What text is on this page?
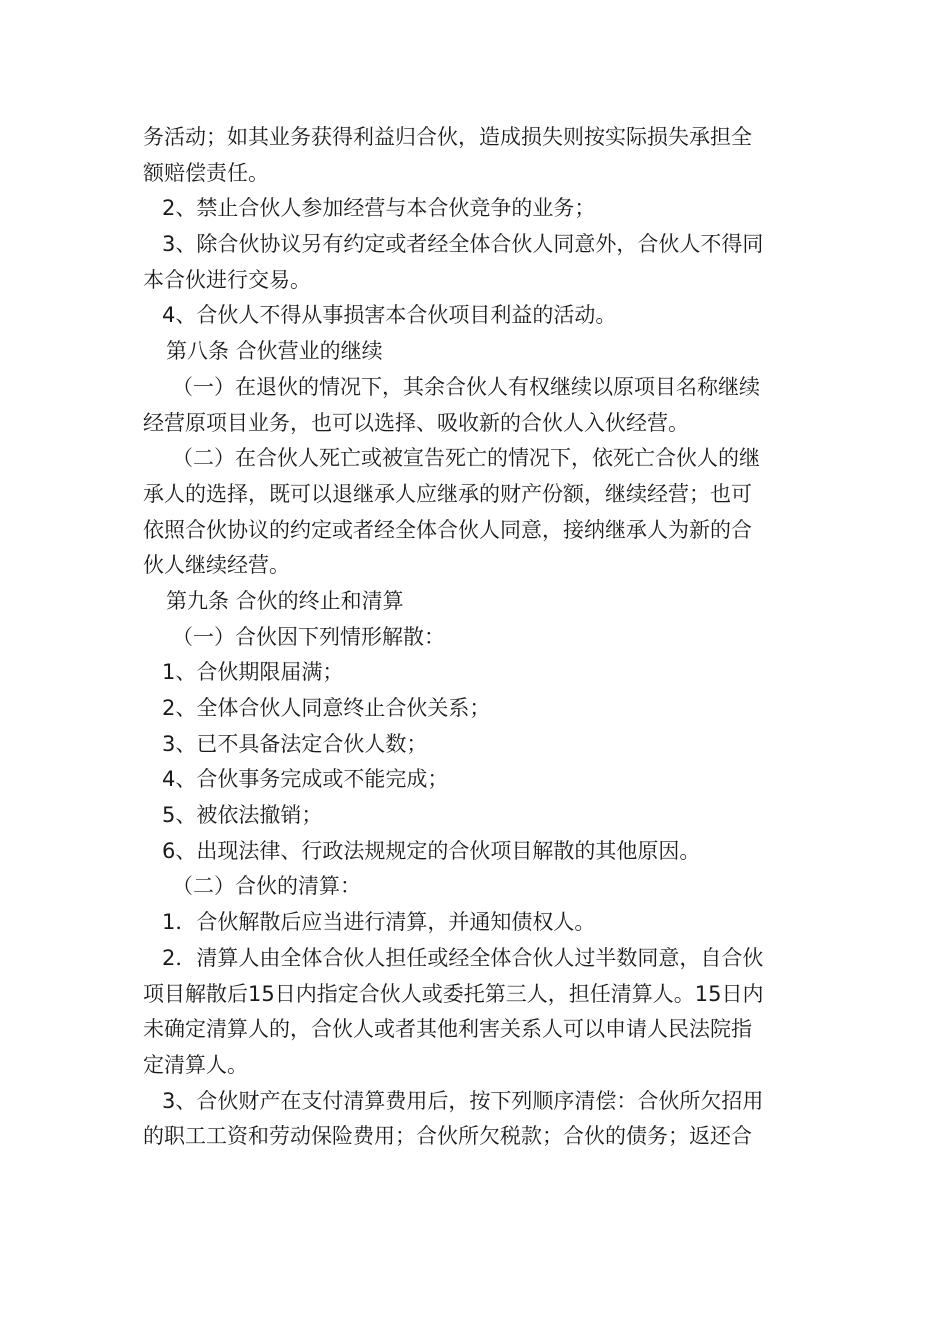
务活动；如其业务获得利益归合伙，造成损失则按实际损失承担全
额赔偿责任。
2、禁止合伙人参加经营与本合伙竞争的业务；
3、除合伙协议另有约定或者经全体合伙人同意外，合伙人不得同
本合伙进行交易。
4、合伙人不得从事损害本合伙项目利益的活动。
第八条 合伙营业的继续
（一）在退伙的情况下，其余合伙人有权继续以原项目名称继续
经营原项目业务，也可以选择、吸收新的合伙人入伙经营。
（二）在合伙人死亡或被宣告死亡的情况下，依死亡合伙人的继
承人的选择，既可以退继承人应继承的财产份额，继续经营；也可
依照合伙协议的约定或者经全体合伙人同意，接纳继承人为新的合
伙人继续经营。
第九条 合伙的终止和清算
（一）合伙因下列情形解散：
1、合伙期限届满；
2、全体合伙人同意终止合伙关系；
3、已不具备法定合伙人数；
4、合伙事务完成或不能完成；
5、被依法撤销；
6、出现法律、行政法规规定的合伙项目解散的其他原因。
（二）合伙的清算：
1．合伙解散后应当进行清算，并通知债权人。
2．清算人由全体合伙人担任或经全体合伙人过半数同意，自合伙
项目解散后15日内指定合伙人或委托第三人，担任清算人。15日内
未确定清算人的，合伙人或者其他利害关系人可以申请人民法院指
定清算人。
3、合伙财产在支付清算费用后，按下列顺序清偿：合伙所欠招用
的职工工资和劳动保险费用；合伙所欠税款；合伙的债务；返还合
